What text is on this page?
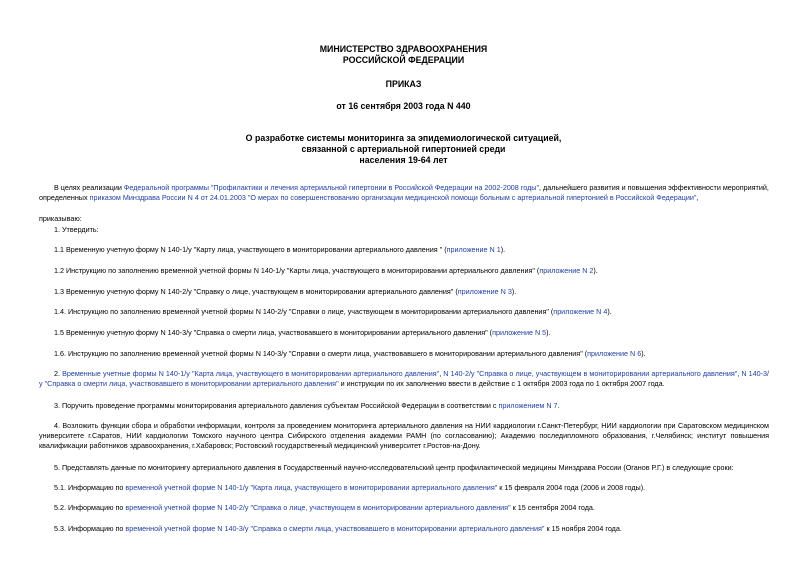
МИНИСТЕРСТВО ЗДРАВООХРАНЕНИЯ
РОССИЙСКОЙ ФЕДЕРАЦИИ
ПРИКАЗ
от 16 сентября 2003 года N 440
О разработке системы мониторинга за эпидемиологической ситуацией,
связанной с артериальной гипертонией среди
населения 19-64 лет
В целях реализации Федеральной программы "Профилактики и лечения артериальной гипертонии в Российской Федерации на 2002-2008 годы", дальнейшего развития и повышения эффективности мероприятий,
определенных приказом Минздрава России N 4 от 24.01.2003 "О мерах по совершенствованию организации медицинской помощи больным с артериальной гипертонией в Российской Федерации",
приказываю:
1. Утвердить:
1.1 Временную учетную форму N 140-1/у "Карту лица, участвующего в мониторировании артериального давления " (приложение N 1).
1.2 Инструкцию по заполнению временной учетной формы N 140-1/у "Карты лица, участвующего в мониторировании артериального давления" (приложение N 2).
1.3 Временную учетную форму N 140-2/у "Справку о лице, участвующем в мониторировании артериального давления" (приложение N 3).
1.4. Инструкцию по заполнению временной учетной формы N 140-2/у "Справки о лице, участвующем в мониторировании артериального давления" (приложение N 4).
1.5 Временную учетную форму N 140-3/у "Справка о смерти лица, участвовавшего в мониторировании артериального давления" (приложение N 5).
1.6. Инструкцию по заполнению временной учетной формы N 140-3/у "Справки о смерти лица, участвовавшего в мониторировании артериального давления" (приложение N 6).
2. Временные учетные формы N 140-1/у "Карта лица, участвующего в мониторировании артериального давления", N 140-2/у "Справка о лице, участвующем в мониторировании артериального давления", N 140-3/у "Справка о смерти лица, участвовавшего в мониторировании артериального давления" и инструкции по их заполнению ввести в действие с 1 октября 2003 года по 1 октября 2007 года.
3. Поручить проведение программы мониторирования артериального давления субъектам Российской Федерации в соответствии с приложением N 7.
4. Возложить функции сбора и обработки информации, контроля за проведением мониторинга артериального давления на НИИ кардиологии г.Санкт-Петербург, НИИ кардиологии при Саратовском медицинском университете г.Саратов, НИИ кардиологии Томского научного центра Сибирского отделения академии РАМН (по согласованию); Академию последипломного образования, г.Челябинск; институт повышения квалификации работников здравоохранения, г.Хабаровск; Ростовский государственный медицинский университет г.Ростов-на-Дону.
5. Представлять данные по мониторингу артериального давления в Государственный научно-исследовательский центр профилактической медицины Минздрава России (Оганов Р.Г.) в следующие сроки:
5.1. Информацию по временной учетной форме N 140-1/у "Карта лица, участвующего в мониторировании артериального давления" к 15 февраля 2004 года (2006 и 2008 годы).
5.2. Информацию по временной учетной форме N 140-2/у "Справка о лице, участвующем в мониторировании артериального давления" к 15 сентября 2004 года.
5.3. Информацию по временной учетной форме N 140-3/у "Справка о смерти лица, участвовавшего в мониторировании артериального давления" к 15 ноября 2004 года.
